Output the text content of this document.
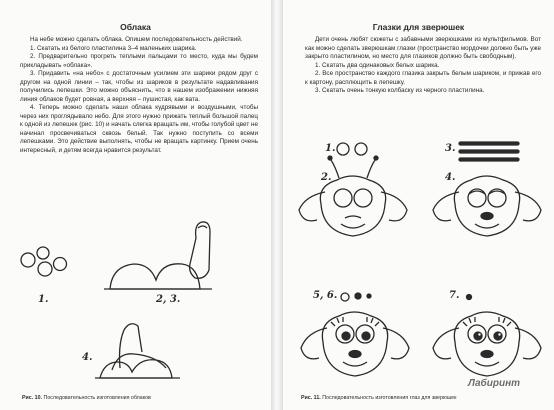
Облака

На небе можно сделать облака. Опишем последовательность действий.

1. Скатать из белого пластилина 3–4 маленьких шарика.

2. Предварительно прогреть теплыми пальцами то место, куда мы будем прикладывать «облака».

3. Придавить «на небо» с достаточным усилием эти шарики рядом друг с другом на одной линии – так, чтобы из шариков в результате надавливания получились лепешки. Это можно объяснить, что в нашем изображении нижняя линия облаков будет ровная, а верхняя – пушистая, как вата.

4. Теперь можно сделать наши облака кудрявыми и воздушными, чтобы через них проглядывало небо. Для этого нужно прижать теплый большой палец к одной из лепешек (рис. 10) и начать слегка вращать им, чтобы голубой цвет не начинал просвечиваться сквозь белый. Так нужно поступить со всеми лепешками. Это действие выполнять, чтобы не вращать картинку. Прием очень интересный, и детям всегда нравится результат.

1.	2, 3.
4.
Рис. 10. Последовательность изготовления облаков
Глазки для зверюшек

Дети очень любят сюжеты с забавными зверюшками из мультфильмов. Вот как можно сделать зверюшкам глазки (пространство мордочки должно быть уже закрыто пластилином, но место для глазиков должно быть свободным).

1. Скатать два одинаковых белых шарика.

2. Все пространство каждого глазика закрыть белым шариком, и прижав его к картону, расплющить в лепешку.

3. Скатать очень тонкую колбаску из черного пластилина.

1.
2.
3.
4.
5, 6.	7.
Рис. 11. Последовательность изготовления глаз для зверюшек
Лабиринт
